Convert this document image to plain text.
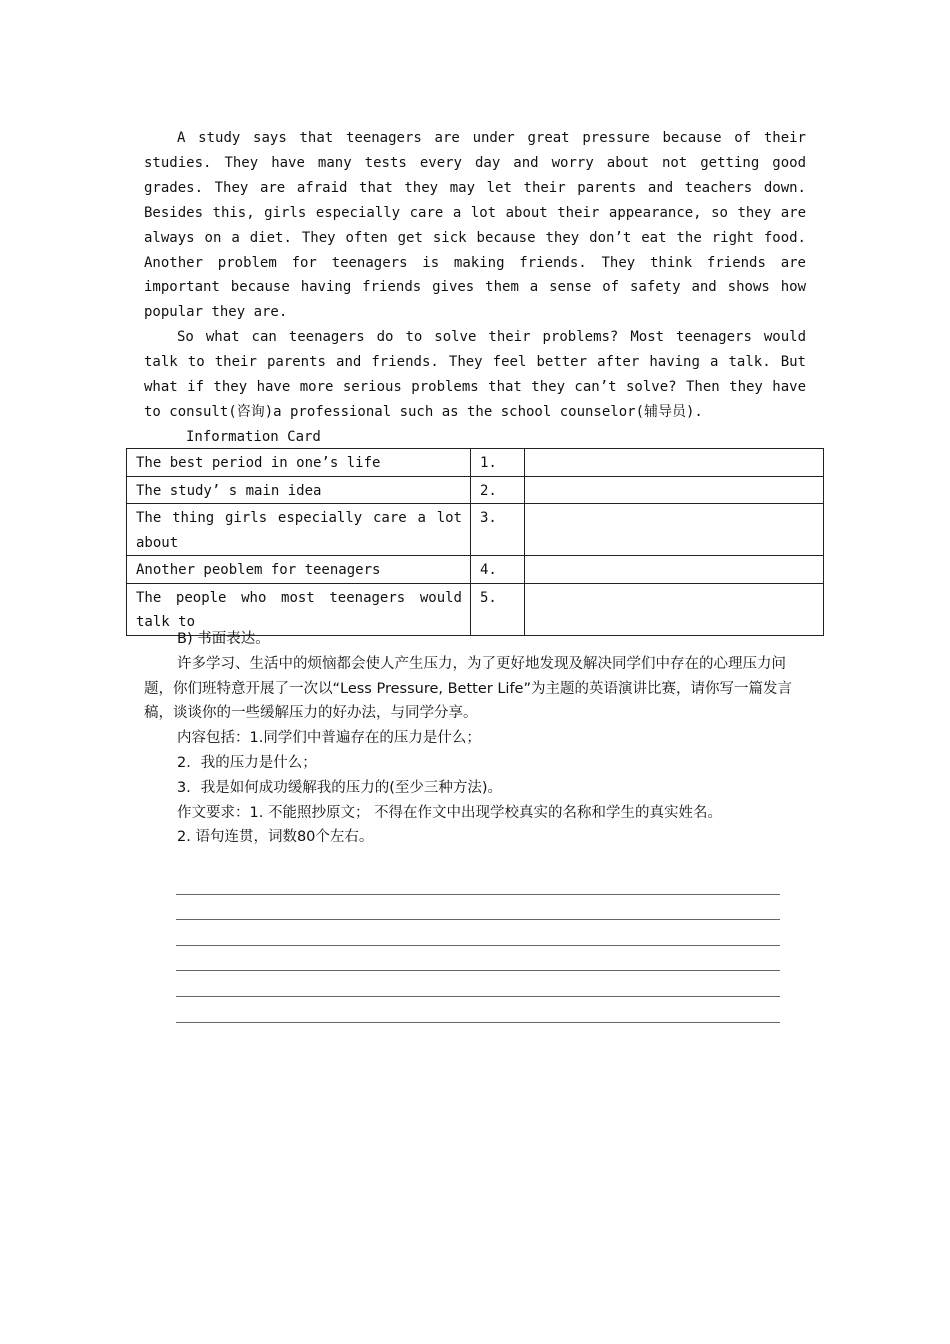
A study says that teenagers are under great pressure because of their studies. They have many tests every day and worry about not getting good grades. They are afraid that they may let their parents and teachers down. Besides this, girls especially care a lot about their appearance, so they are always on a diet. They often get sick because they don’t eat the right food. Another problem for teenagers is making friends. They think friends are important because having friends gives them a sense of safety and shows how popular they are.

So what can teenagers do to solve their problems? Most teenagers would talk to their parents and friends. They feel better after having a talk. But what if they have more serious problems that they can’t solve? Then they have to consult(咨询)a professional such as the school counselor(辅导员).

Information Card

The best period in one’s life	1.	
The study’ s main idea	2.	
The thing girls especially care a lot about	3.	
Another peoblem for teenagers	4.	
The people who most teenagers would talk to	5.	

B) 书面表达。

许多学习、生活中的烦恼都会使人产生压力，为了更好地发现及解决同学们中存在的心理压力问题，你们班特意开展了一次以“Less Pressure, Better Life”为主题的英语演讲比赛，请你写一篇发言稿，谈谈你的一些缓解压力的好办法，与同学分享。

内容包括：1.同学们中普遍存在的压力是什么；

2．我的压力是什么；

3．我是如何成功缓解我的压力的(至少三种方法)。

作文要求：1. 不能照抄原文； 不得在作文中出现学校真实的名称和学生的真实姓名。

2. 语句连贯，词数80个左右。
